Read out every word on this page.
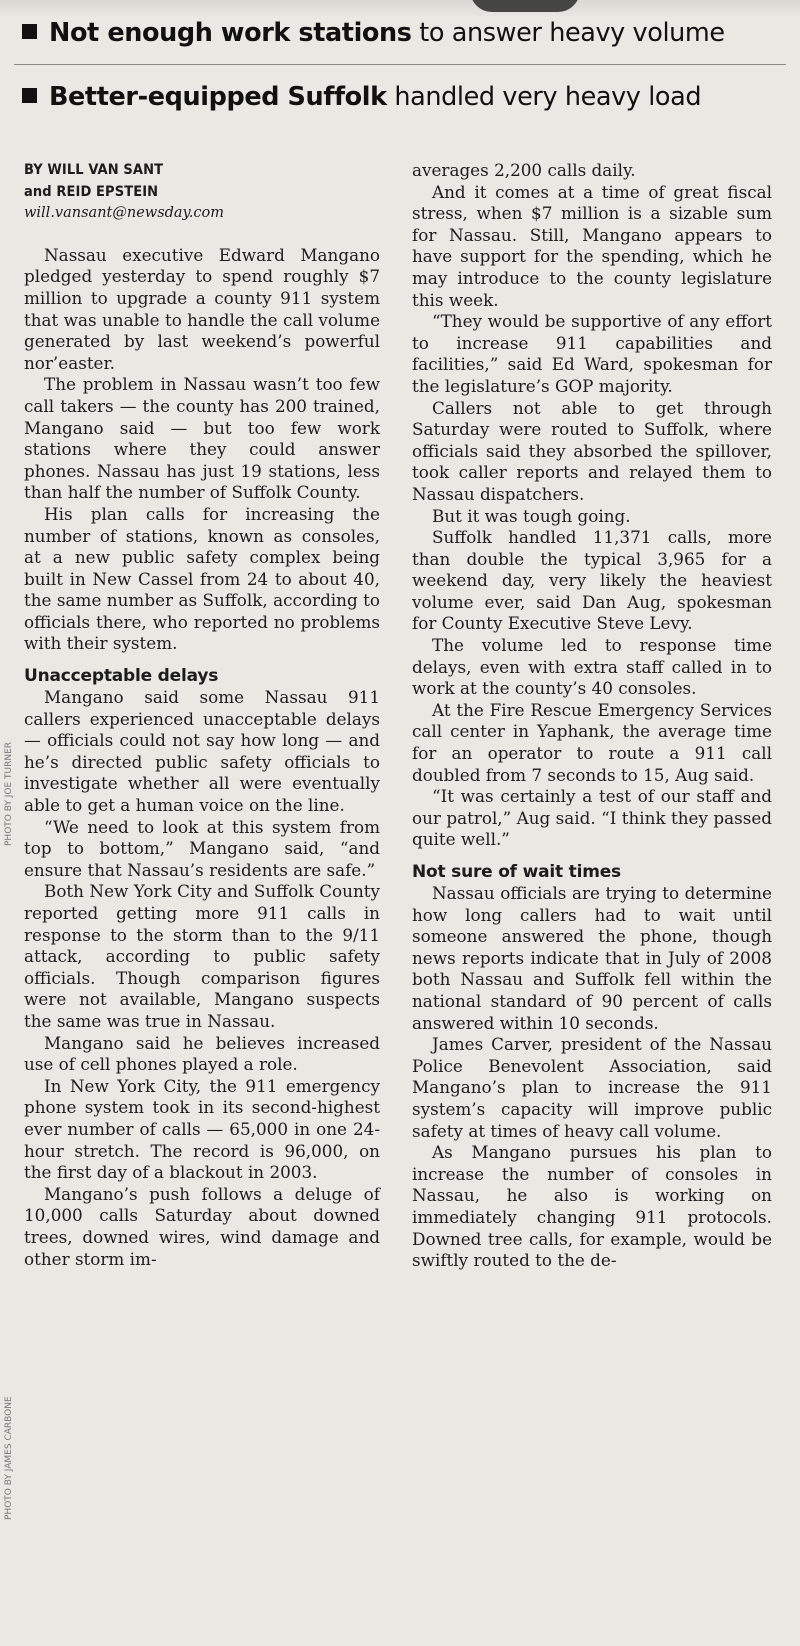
Not enough work stations to answer heavy volume
Better-equipped Suffolk handled very heavy load
PHOTO BY JOE TURNER
PHOTO BY JAMES CARBONE

BY WILL VAN SANT

and REID EPSTEIN

will.vansant@newsday.com

Nassau executive Edward Mangano pledged yesterday to spend roughly $7 million to upgrade a county 911 system that was unable to handle the call volume generated by last weekend’s powerful nor’easter.

The problem in Nassau wasn’t too few call takers — the county has 200 trained, Mangano said — but too few work stations where they could answer phones. Nassau has just 19 stations, less than half the number of Suffolk County.

His plan calls for increasing the number of stations, known as consoles, at a new public safety complex being built in New Cassel from 24 to about 40, the same number as Suffolk, according to officials there, who reported no problems with their system.

Unacceptable delays

Mangano said some Nassau 911 callers experienced unacceptable delays — officials could not say how long — and he’s directed public safety officials to investigate whether all were eventually able to get a human voice on the line.

“We need to look at this system from top to bottom,” Mangano said, “and ensure that Nassau’s residents are safe.”

Both New York City and Suffolk County reported getting more 911 calls in response to the storm than to the 9/11 attack, according to public safety officials. Though comparison figures were not available, Mangano suspects the same was true in Nassau.

Mangano said he believes increased use of cell phones played a role.

In New York City, the 911 emergency phone system took in its second-highest ever number of calls — 65,000 in one 24-hour stretch. The record is 96,000, on the first day of a blackout in 2003.

Mangano’s push follows a deluge of 10,000 calls Saturday about downed trees, downed wires, wind damage and other storm im-

averages 2,200 calls daily.

And it comes at a time of great fiscal stress, when $7 million is a sizable sum for Nassau. Still, Mangano appears to have support for the spending, which he may introduce to the county legislature this week.

“They would be supportive of any effort to increase 911 capabilities and facilities,” said Ed Ward, spokesman for the legislature’s GOP majority.

Callers not able to get through Saturday were routed to Suffolk, where officials said they absorbed the spillover, took caller reports and relayed them to Nassau dispatchers.

But it was tough going.

Suffolk handled 11,371 calls, more than double the typical 3,965 for a weekend day, very likely the heaviest volume ever, said Dan Aug, spokesman for County Executive Steve Levy.

The volume led to response time delays, even with extra staff called in to work at the county’s 40 consoles.

At the Fire Rescue Emergency Services call center in Yaphank, the average time for an operator to route a 911 call doubled from 7 seconds to 15, Aug said.

“It was certainly a test of our staff and our patrol,” Aug said. “I think they passed quite well.”

Not sure of wait times

Nassau officials are trying to determine how long callers had to wait until someone answered the phone, though news reports indicate that in July of 2008 both Nassau and Suffolk fell within the national standard of 90 percent of calls answered within 10 seconds.

James Carver, president of the Nassau Police Benevolent Association, said Mangano’s plan to increase the 911 system’s capacity will improve public safety at times of heavy call volume.

As Mangano pursues his plan to increase the number of consoles in Nassau, he also is working on immediately changing 911 protocols. Downed tree calls, for example, would be swiftly routed to the de-
